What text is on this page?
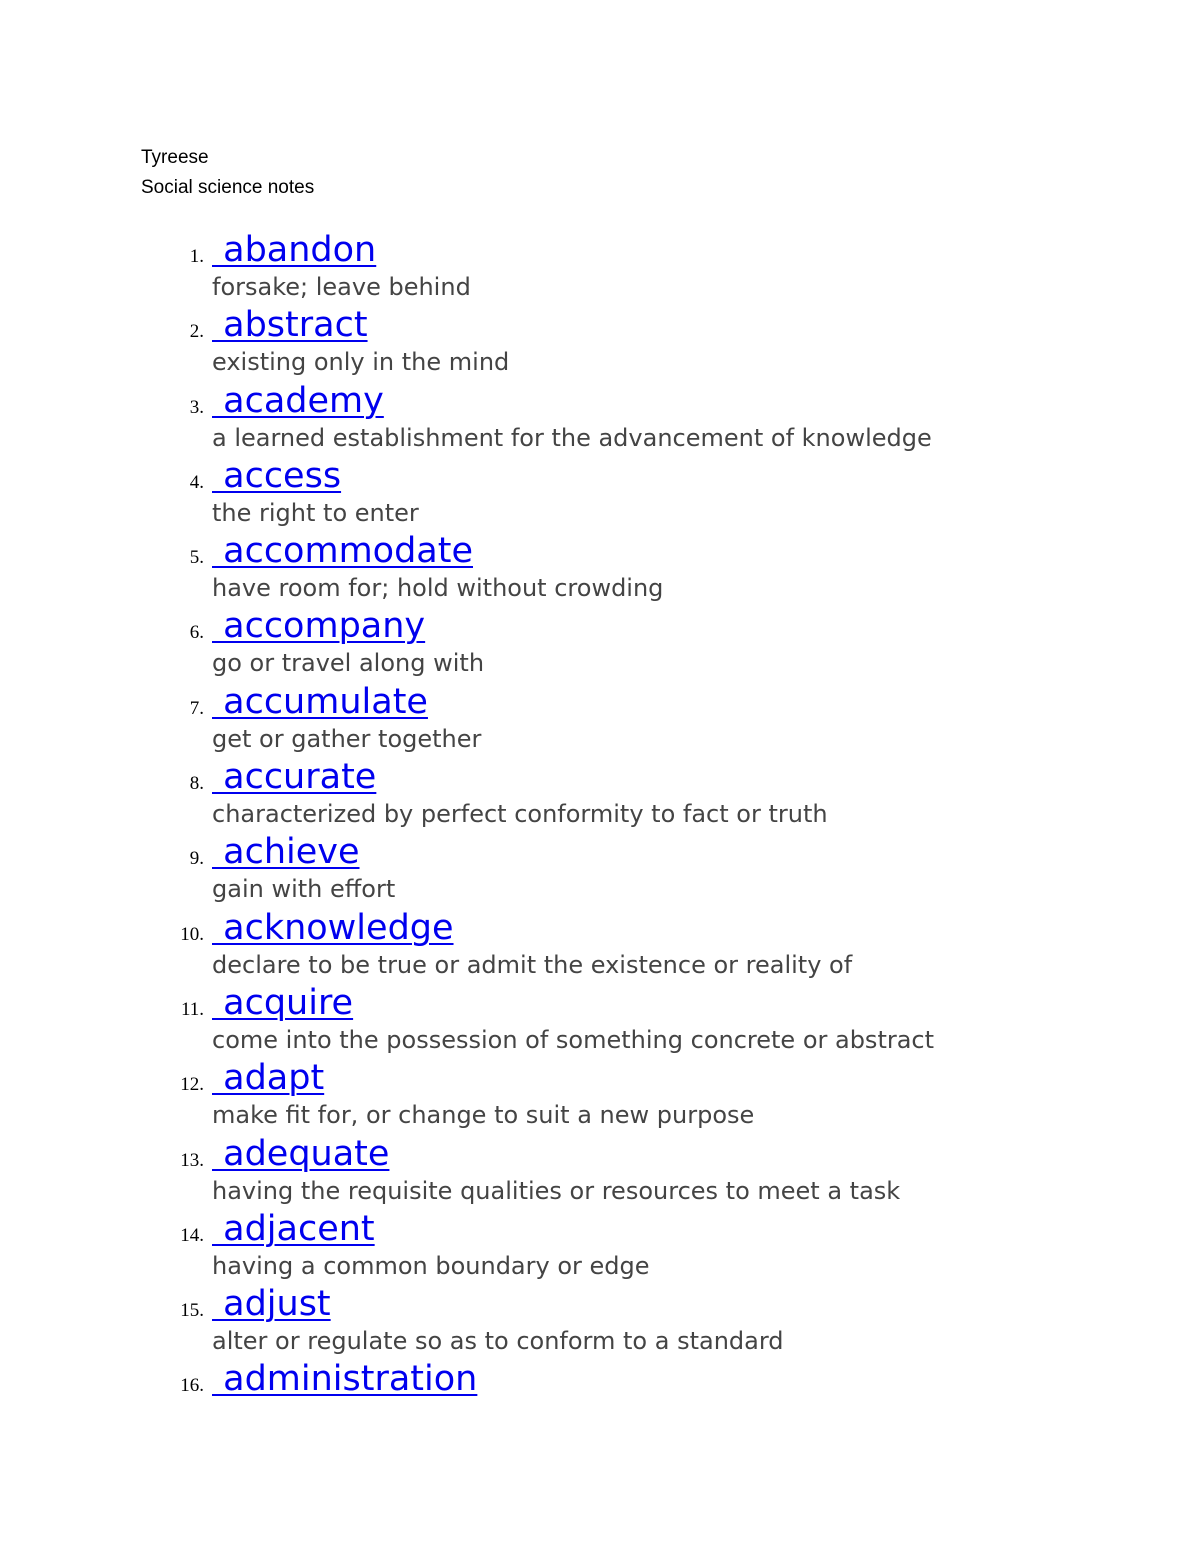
Tyreese
Social science notes
1. abandon
forsake; leave behind
2. abstract
existing only in the mind
3. academy
a learned establishment for the advancement of knowledge
4. access
the right to enter
5. accommodate
have room for; hold without crowding
6. accompany
go or travel along with
7. accumulate
get or gather together
8. accurate
characterized by perfect conformity to fact or truth
9. achieve
gain with effort
10. acknowledge
declare to be true or admit the existence or reality of
11. acquire
come into the possession of something concrete or abstract
12. adapt
make fit for, or change to suit a new purpose
13. adequate
having the requisite qualities or resources to meet a task
14. adjacent
having a common boundary or edge
15. adjust
alter or regulate so as to conform to a standard
16. administration
